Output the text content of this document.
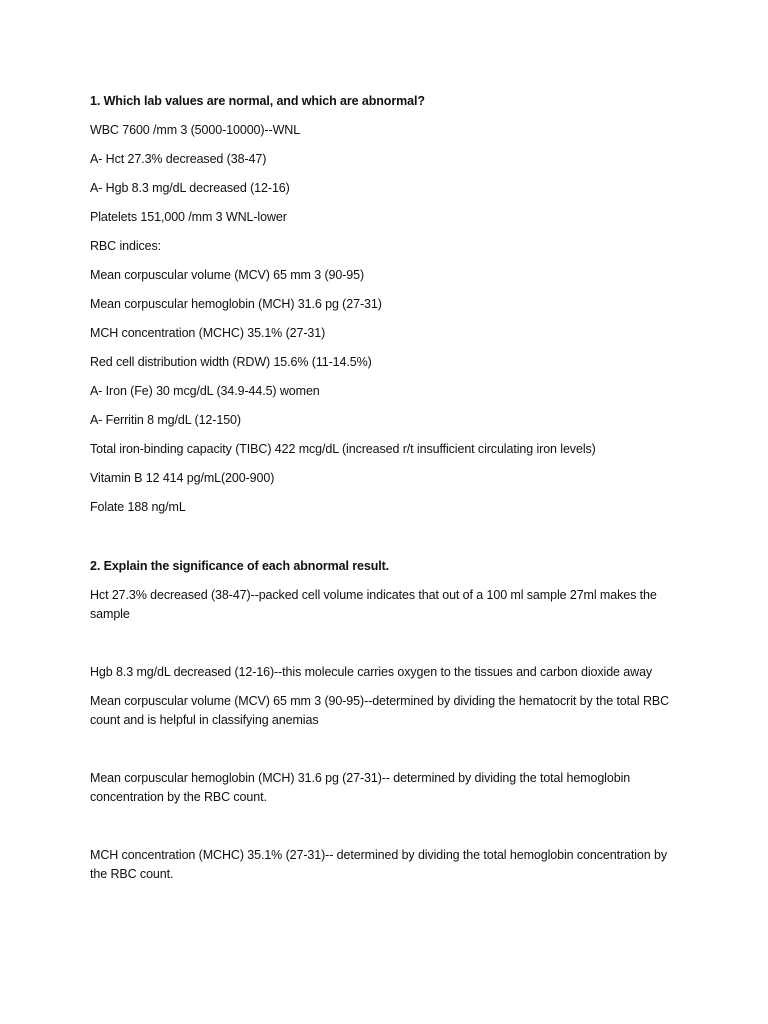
1. Which lab values are normal, and which are abnormal?
WBC 7600 /mm 3 (5000-10000)--WNL
A- Hct 27.3% decreased (38-47)
A- Hgb 8.3 mg/dL decreased (12-16)
Platelets 151,000 /mm 3 WNL-lower
RBC indices:
Mean corpuscular volume (MCV) 65 mm 3 (90-95)
Mean corpuscular hemoglobin (MCH) 31.6 pg (27-31)
MCH concentration (MCHC) 35.1% (27-31)
Red cell distribution width (RDW) 15.6% (11-14.5%)
A- Iron (Fe) 30 mcg/dL (34.9-44.5) women
A- Ferritin 8 mg/dL (12-150)
Total iron-binding capacity (TIBC) 422 mcg/dL (increased r/t insufficient circulating iron levels)
Vitamin B 12 414 pg/mL(200-900)
Folate 188 ng/mL
2. Explain the significance of each abnormal result.
Hct 27.3% decreased (38-47)--packed cell volume indicates that out of a 100 ml sample 27ml makes the sample
Hgb 8.3 mg/dL decreased (12-16)--this molecule carries oxygen to the tissues and carbon dioxide away
Mean corpuscular volume (MCV) 65 mm 3 (90-95)--determined by dividing the hematocrit by the total RBC count and is helpful in classifying anemias
Mean corpuscular hemoglobin (MCH) 31.6 pg (27-31)-- determined by dividing the total hemoglobin concentration by the RBC count.
MCH concentration (MCHC) 35.1% (27-31)-- determined by dividing the total hemoglobin concentration by the RBC count.
